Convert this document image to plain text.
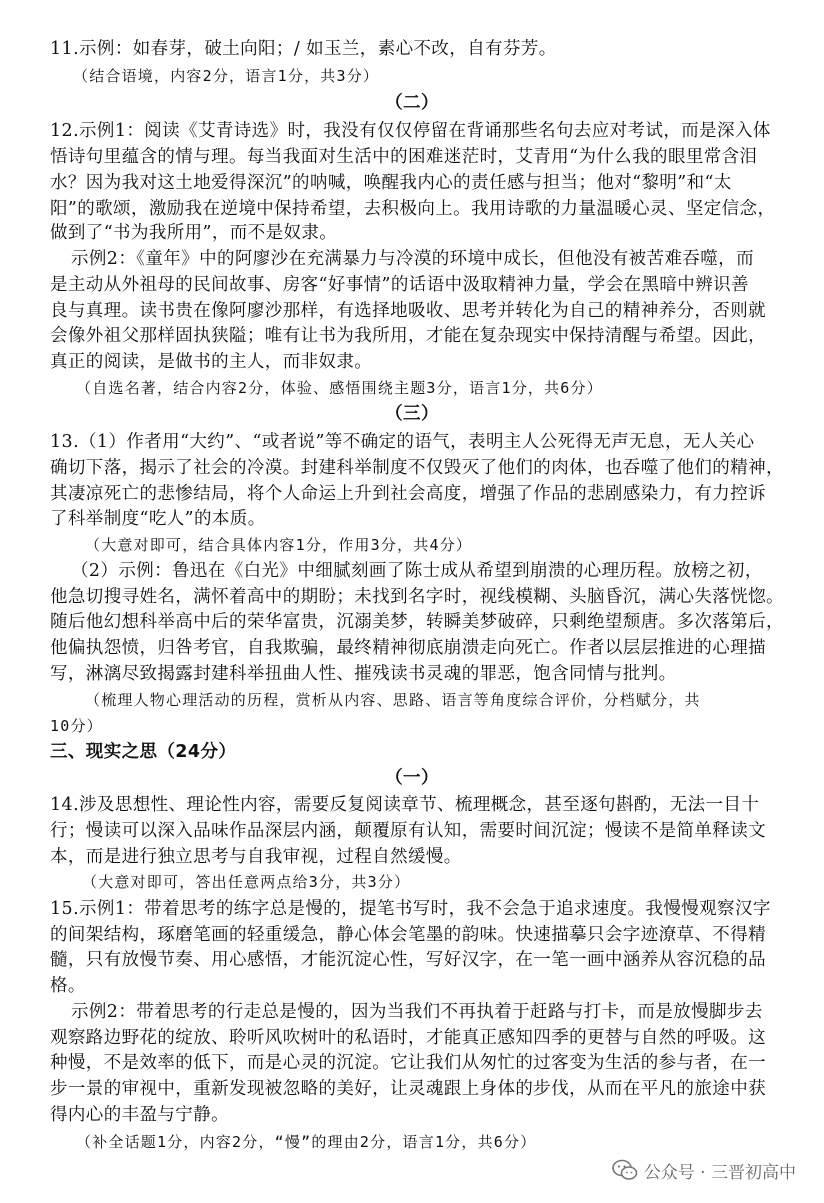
11.示例：如春芽，破土向阳；/ 如玉兰，素心不改，自有芬芳。
（结合语境，内容2分，语言1分，共3分）
（二）
12.示例1：阅读《艾青诗选》时，我没有仅仅停留在背诵那些名句去应对考试，而是深入体
悟诗句里蕴含的情与理。每当我面对生活中的困难迷茫时，艾青用“为什么我的眼里常含泪
水？因为我对这土地爱得深沉”的呐喊，唤醒我内心的责任感与担当；他对“黎明”和“太
阳”的歌颂，激励我在逆境中保持希望，去积极向上。我用诗歌的力量温暖心灵、坚定信念，
做到了“书为我所用”，而不是奴隶。
示例2：《童年》中的阿廖沙在充满暴力与冷漠的环境中成长，但他没有被苦难吞噬，而
是主动从外祖母的民间故事、房客“好事情”的话语中汲取精神力量，学会在黑暗中辨识善
良与真理。读书贵在像阿廖沙那样，有选择地吸收、思考并转化为自己的精神养分，否则就
会像外祖父那样固执狭隘；唯有让书为我所用，才能在复杂现实中保持清醒与希望。因此，
真正的阅读，是做书的主人，而非奴隶。
（自选名著，结合内容2分，体验、感悟围绕主题3分，语言1分，共6分）
（三）
13.（1）作者用“大约”、“或者说”等不确定的语气，表明主人公死得无声无息，无人关心
确切下落，揭示了社会的冷漠。封建科举制度不仅毁灭了他们的肉体，也吞噬了他们的精神，
其凄凉死亡的悲惨结局，将个人命运上升到社会高度，增强了作品的悲剧感染力，有力控诉
了科举制度“吃人”的本质。
（大意对即可，结合具体内容1分，作用3分，共4分）
（2）示例：鲁迅在《白光》中细腻刻画了陈士成从希望到崩溃的心理历程。放榜之初，
他急切搜寻姓名，满怀着高中的期盼；未找到名字时，视线模糊、头脑昏沉，满心失落恍惚。
随后他幻想科举高中后的荣华富贵，沉溺美梦，转瞬美梦破碎，只剩绝望颓唐。多次落第后，
他偏执怨愤，归咎考官，自我欺骗，最终精神彻底崩溃走向死亡。作者以层层推进的心理描
写，淋漓尽致揭露封建科举扭曲人性、摧残读书灵魂的罪恶，饱含同情与批判。
（梳理人物心理活动的历程，赏析从内容、思路、语言等角度综合评价，分档赋分，共
10分）
三、现实之思（24分）
（一）
14.涉及思想性、理论性内容，需要反复阅读章节、梳理概念，甚至逐句斟酌，无法一目十
行；慢读可以深入品味作品深层内涵，颠覆原有认知，需要时间沉淀；慢读不是简单释读文
本，而是进行独立思考与自我审视，过程自然缓慢。
（大意对即可，答出任意两点给3分，共3分）
15.示例1：带着思考的练字总是慢的，提笔书写时，我不会急于追求速度。我慢慢观察汉字
的间架结构，琢磨笔画的轻重缓急，静心体会笔墨的韵味。快速描摹只会字迹潦草、不得精
髓，只有放慢节奏、用心感悟，才能沉淀心性，写好汉字，在一笔一画中涵养从容沉稳的品
格。
示例2：带着思考的行走总是慢的，因为当我们不再执着于赶路与打卡，而是放慢脚步去
观察路边野花的绽放、聆听风吹树叶的私语时，才能真正感知四季的更替与自然的呼吸。这
种慢，不是效率的低下，而是心灵的沉淀。它让我们从匆忙的过客变为生活的参与者，在一
步一景的审视中，重新发现被忽略的美好，让灵魂跟上身体的步伐，从而在平凡的旅途中获
得内心的丰盈与宁静。
（补全话题1分，内容2分，“慢”的理由2分，语言1分，共6分）
公众号 · 三晋初高中
